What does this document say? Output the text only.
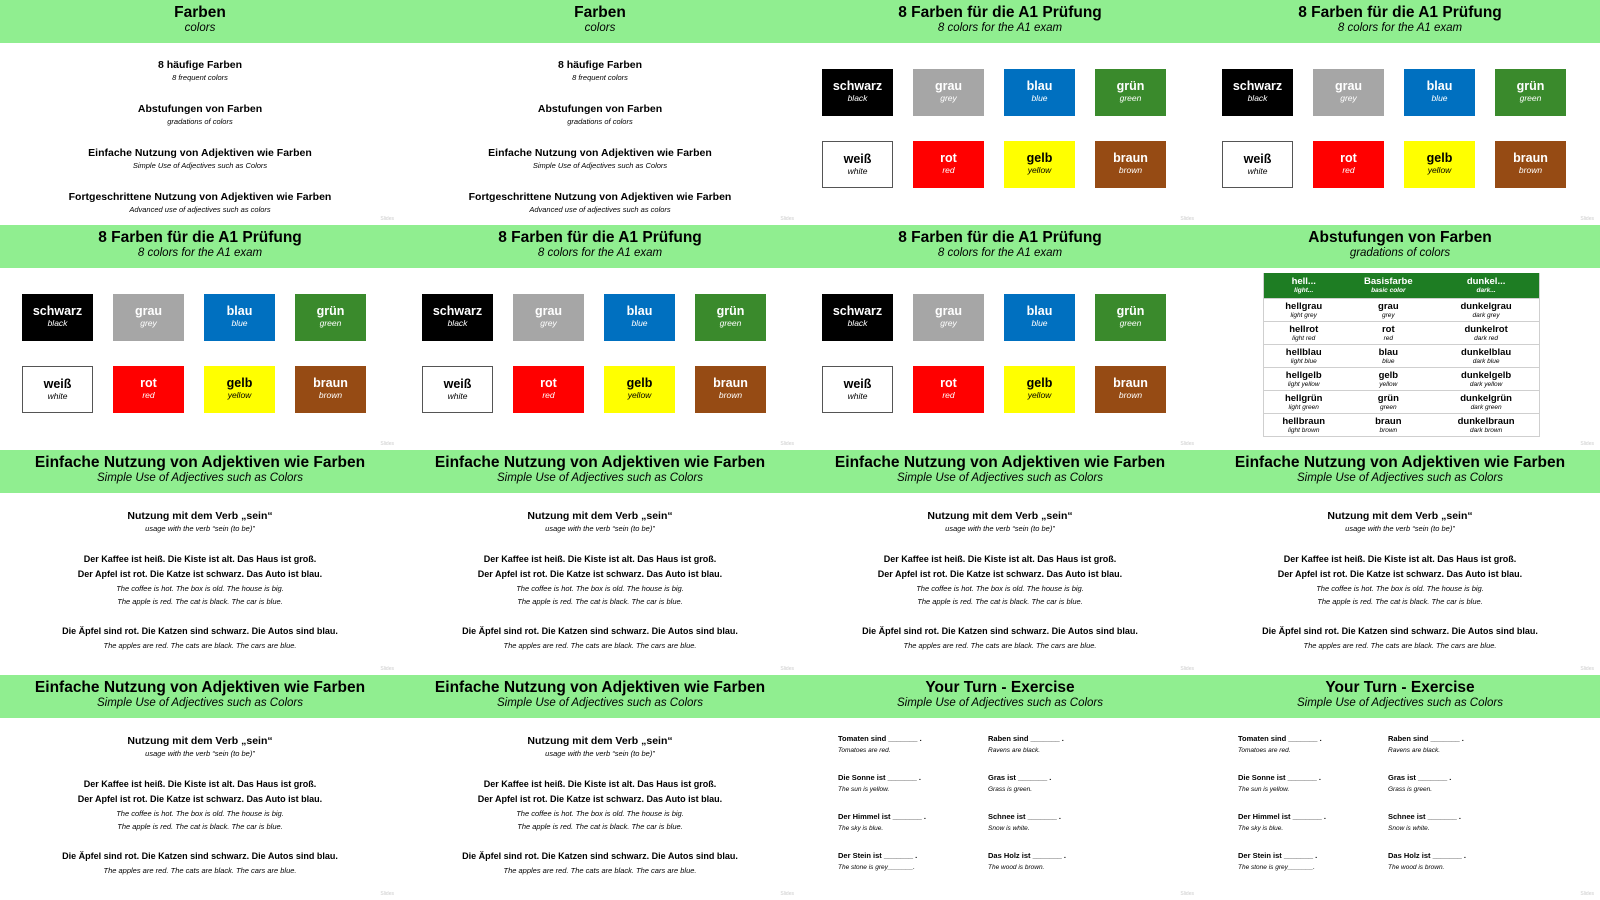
Farben
colors
8 häufige Farben
8 frequent colors
Abstufungen von Farben
gradations of colors
Einfache Nutzung von Adjektiven wie Farben
Simple Use of Adjectives such as Colors
Fortgeschrittene Nutzung von Adjektiven wie Farben
Advanced use of adjectives such as colors
Slides
Farben
colors
8 häufige Farben
8 frequent colors
Abstufungen von Farben
gradations of colors
Einfache Nutzung von Adjektiven wie Farben
Simple Use of Adjectives such as Colors
Fortgeschrittene Nutzung von Adjektiven wie Farben
Advanced use of adjectives such as colors
Slides
8 Farben für die A1 Prüfung
8 colors for the A1 exam
schwarz
black
grau
grey
blau
blue
grün
green
weiß
white
rot
red
gelb
yellow
braun
brown
Slides
8 Farben für die A1 Prüfung
8 colors for the A1 exam
schwarz
black
grau
grey
blau
blue
grün
green
weiß
white
rot
red
gelb
yellow
braun
brown
Slides
8 Farben für die A1 Prüfung
8 colors for the A1 exam
schwarz
black
grau
grey
blau
blue
grün
green
weiß
white
rot
red
gelb
yellow
braun
brown
Slides
8 Farben für die A1 Prüfung
8 colors for the A1 exam
schwarz
black
grau
grey
blau
blue
grün
green
weiß
white
rot
red
gelb
yellow
braun
brown
Slides
8 Farben für die A1 Prüfung
8 colors for the A1 exam
schwarz
black
grau
grey
blau
blue
grün
green
weiß
white
rot
red
gelb
yellow
braun
brown
Slides
Abstufungen von Farben
gradations of colors
hell...
light...	Basisfarbe
basic color	dunkel...
dark...

hellgrau
light grey	grau
grey	dunkelgrau
dark grey

hellrot
light red	rot
red	dunkelrot
dark red

hellblau
light blue	blau
blue	dunkelblau
dark blue

hellgelb
light yellow	gelb
yellow	dunkelgelb
dark yellow

hellgrün
light green	grün
green	dunkelgrün
dark green

hellbraun
light brown	braun
brown	dunkelbraun
dark brown
Slides
Einfache Nutzung von Adjektiven wie Farben
Simple Use of Adjectives such as Colors
Nutzung mit dem Verb „sein“
usage with the verb “sein (to be)”
Der Kaffee ist heiß. Die Kiste ist alt. Das Haus ist groß.
Der Apfel ist rot. Die Katze ist schwarz. Das Auto ist blau.
The coffee is hot. The box is old. The house is big.
The apple is red. The cat is black. The car is blue.
Die Äpfel sind rot. Die Katzen sind schwarz. Die Autos sind blau.
The apples are red. The cats are black. The cars are blue.
Slides
Einfache Nutzung von Adjektiven wie Farben
Simple Use of Adjectives such as Colors
Nutzung mit dem Verb „sein“
usage with the verb “sein (to be)”
Der Kaffee ist heiß. Die Kiste ist alt. Das Haus ist groß.
Der Apfel ist rot. Die Katze ist schwarz. Das Auto ist blau.
The coffee is hot. The box is old. The house is big.
The apple is red. The cat is black. The car is blue.
Die Äpfel sind rot. Die Katzen sind schwarz. Die Autos sind blau.
The apples are red. The cats are black. The cars are blue.
Slides
Einfache Nutzung von Adjektiven wie Farben
Simple Use of Adjectives such as Colors
Nutzung mit dem Verb „sein“
usage with the verb “sein (to be)”
Der Kaffee ist heiß. Die Kiste ist alt. Das Haus ist groß.
Der Apfel ist rot. Die Katze ist schwarz. Das Auto ist blau.
The coffee is hot. The box is old. The house is big.
The apple is red. The cat is black. The car is blue.
Die Äpfel sind rot. Die Katzen sind schwarz. Die Autos sind blau.
The apples are red. The cats are black. The cars are blue.
Slides
Einfache Nutzung von Adjektiven wie Farben
Simple Use of Adjectives such as Colors
Nutzung mit dem Verb „sein“
usage with the verb “sein (to be)”
Der Kaffee ist heiß. Die Kiste ist alt. Das Haus ist groß.
Der Apfel ist rot. Die Katze ist schwarz. Das Auto ist blau.
The coffee is hot. The box is old. The house is big.
The apple is red. The cat is black. The car is blue.
Die Äpfel sind rot. Die Katzen sind schwarz. Die Autos sind blau.
The apples are red. The cats are black. The cars are blue.
Slides
Einfache Nutzung von Adjektiven wie Farben
Simple Use of Adjectives such as Colors
Nutzung mit dem Verb „sein“
usage with the verb “sein (to be)”
Der Kaffee ist heiß. Die Kiste ist alt. Das Haus ist groß.
Der Apfel ist rot. Die Katze ist schwarz. Das Auto ist blau.
The coffee is hot. The box is old. The house is big.
The apple is red. The cat is black. The car is blue.
Die Äpfel sind rot. Die Katzen sind schwarz. Die Autos sind blau.
The apples are red. The cats are black. The cars are blue.
Slides
Einfache Nutzung von Adjektiven wie Farben
Simple Use of Adjectives such as Colors
Nutzung mit dem Verb „sein“
usage with the verb “sein (to be)”
Der Kaffee ist heiß. Die Kiste ist alt. Das Haus ist groß.
Der Apfel ist rot. Die Katze ist schwarz. Das Auto ist blau.
The coffee is hot. The box is old. The house is big.
The apple is red. The cat is black. The car is blue.
Die Äpfel sind rot. Die Katzen sind schwarz. Die Autos sind blau.
The apples are red. The cats are black. The cars are blue.
Slides
Your Turn - Exercise
Simple Use of Adjectives such as Colors
Tomaten sind _______ .
Tomatoes are red.
Die Sonne ist _______ .
The sun is yellow.
Der Himmel ist _______ .
The sky is blue.
Der Stein ist _______ .
The stone is grey_______.
Raben sind _______ .
Ravens are black.
Gras ist _______ .
Grass is green.
Schnee ist _______ .
Snow is white.
Das Holz ist _______ .
The wood is brown.
Slides
Your Turn - Exercise
Simple Use of Adjectives such as Colors
Tomaten sind _______ .
Tomatoes are red.
Die Sonne ist _______ .
The sun is yellow.
Der Himmel ist _______ .
The sky is blue.
Der Stein ist _______ .
The stone is grey_______.
Raben sind _______ .
Ravens are black.
Gras ist _______ .
Grass is green.
Schnee ist _______ .
Snow is white.
Das Holz ist _______ .
The wood is brown.
Slides
